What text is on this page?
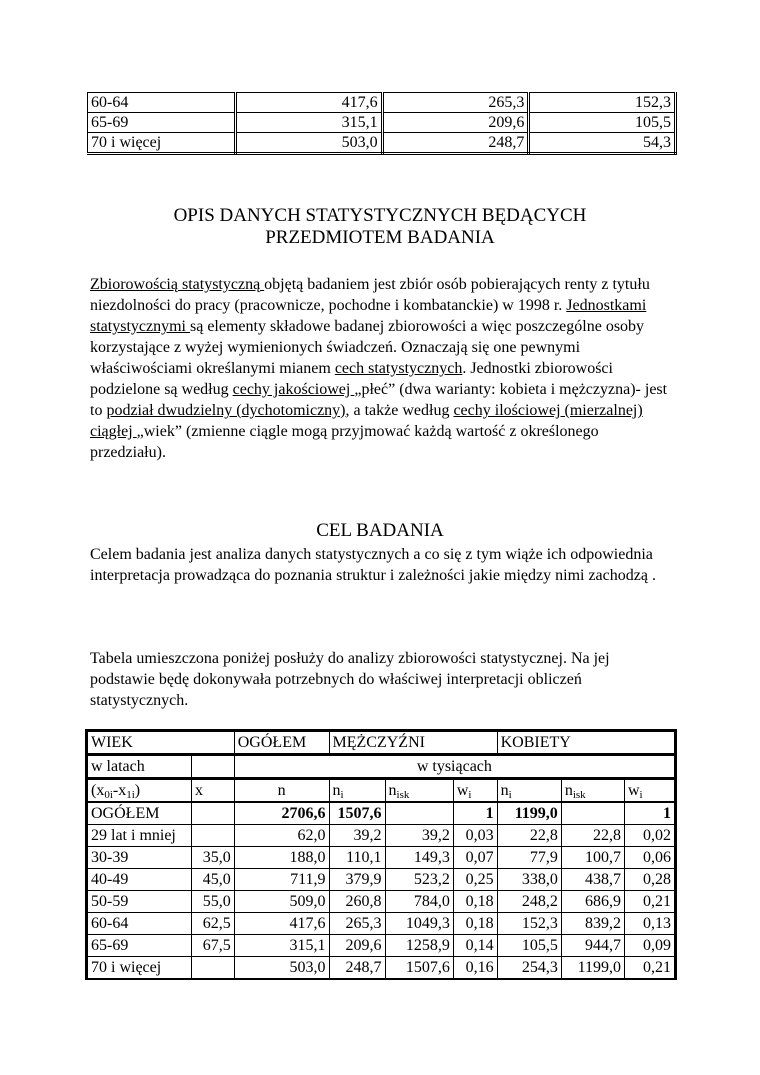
60-64	417,6	265,3	152,3
65-69	315,1	209,6	105,5
70 i więcej	503,0	248,7	54,3
OPIS DANYCH STATYSTYCZNYCH BĘDĄCYCH
PRZEDMIOTEM BADANIA
Zbiorowością statystyczną objętą badaniem jest zbiór osób pobierających renty z tytułu niezdolności do pracy (pracownicze, pochodne i kombatanckie) w 1998 r. Jednostkami statystycznymi są elementy składowe badanej zbiorowości a więc poszczególne osoby korzystające z wyżej wymienionych świadczeń. Oznaczają się one pewnymi właściwościami określanymi mianem cech statystycznych. Jednostki zbiorowości podzielone są według cechy jakościowej „płeć” (dwa warianty: kobieta i mężczyzna)- jest to podział dwudzielny (dychotomiczny), a także według cechy ilościowej (mierzalnej) ciągłej „wiek” (zmienne ciągle mogą przyjmować każdą wartość z określonego przedziału).
CEL BADANIA
Celem badania jest analiza danych statystycznych a co się z tym wiąże ich odpowiednia interpretacja prowadząca do poznania struktur i zależności jakie między nimi zachodzą .
Tabela umieszczona poniżej posłuży do analizy zbiorowości statystycznej. Na jej podstawie będę dokonywała potrzebnych do właściwej interpretacji obliczeń statystycznych.
WIEK		OGÓŁEM	MĘŻCZYŹNI			KOBIETY		
w latach		w tysiącach						
$(x_{0i}-x_{1i})$	x	n	$n_i$	$n_{isk}$	$w_i$	$n_i$	$n_{isk}$	$w_i$
OGÓŁEM		2706,6	1507,6		1	1199,0		1
29 lat i mniej		62,0	39,2	39,2	0,03	22,8	22,8	0,02
30-39	35,0	188,0	110,1	149,3	0,07	77,9	100,7	0,06
40-49	45,0	711,9	379,9	523,2	0,25	338,0	438,7	0,28
50-59	55,0	509,0	260,8	784,0	0,18	248,2	686,9	0,21
60-64	62,5	417,6	265,3	1049,3	0,18	152,3	839,2	0,13
65-69	67,5	315,1	209,6	1258,9	0,14	105,5	944,7	0,09
70 i więcej		503,0	248,7	1507,6	0,16	254,3	1199,0	0,21
